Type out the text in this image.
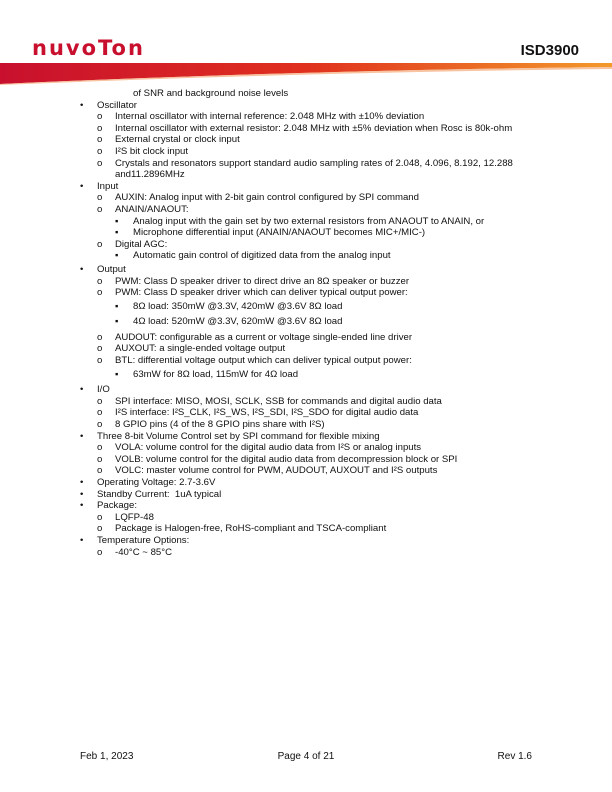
nuvoTon	ISD3900
of SNR and background noise levels
• Oscillator
o Internal oscillator with internal reference: 2.048 MHz with ±10% deviation
o Internal oscillator with external resistor: 2.048 MHz with ±5% deviation when Rosc is 80k-ohm
o External crystal or clock input
o I²S bit clock input
o Crystals and resonators support standard audio sampling rates of 2.048, 4.096, 8.192, 12.288
and11.2896MHz
• Input
o AUXIN: Analog input with 2-bit gain control configured by SPI command
o ANAIN/ANAOUT:
▪ Analog input with the gain set by two external resistors from ANAOUT to ANAIN, or
▪ Microphone differential input (ANAIN/ANAOUT becomes MIC+/MIC-)
o Digital AGC:
▪ Automatic gain control of digitized data from the analog input
• Output
o PWM: Class D speaker driver to direct drive an 8Ω speaker or buzzer
o PWM: Class D speaker driver which can deliver typical output power:
▪ 8Ω load: 350mW @3.3V, 420mW @3.6V 8Ω load
▪ 4Ω load: 520mW @3.3V, 620mW @3.6V 8Ω load
o AUDOUT: configurable as a current or voltage single-ended line driver
o AUXOUT: a single-ended voltage output
o BTL: differential voltage output which can deliver typical output power:
▪ 63mW for 8Ω load, 115mW for 4Ω load
• I/O
o SPI interface: MISO, MOSI, SCLK, SSB for commands and digital audio data
o I²S interface: I²S_CLK, I²S_WS, I²S_SDI, I²S_SDO for digital audio data
o 8 GPIO pins (4 of the 8 GPIO pins share with I²S)
• Three 8-bit Volume Control set by SPI command for flexible mixing
o VOLA: volume control for the digital audio data from I²S or analog inputs
o VOLB: volume control for the digital audio data from decompression block or SPI
o VOLC: master volume control for PWM, AUDOUT, AUXOUT and I²S outputs
• Operating Voltage: 2.7-3.6V
• Standby Current:  1uA typical
• Package:
o LQFP-48
o Package is Halogen-free, RoHS-compliant and TSCA-compliant
• Temperature Options:
o -40°C ~ 85°C
Feb 1, 2023	Page 4 of 21	Rev 1.6
